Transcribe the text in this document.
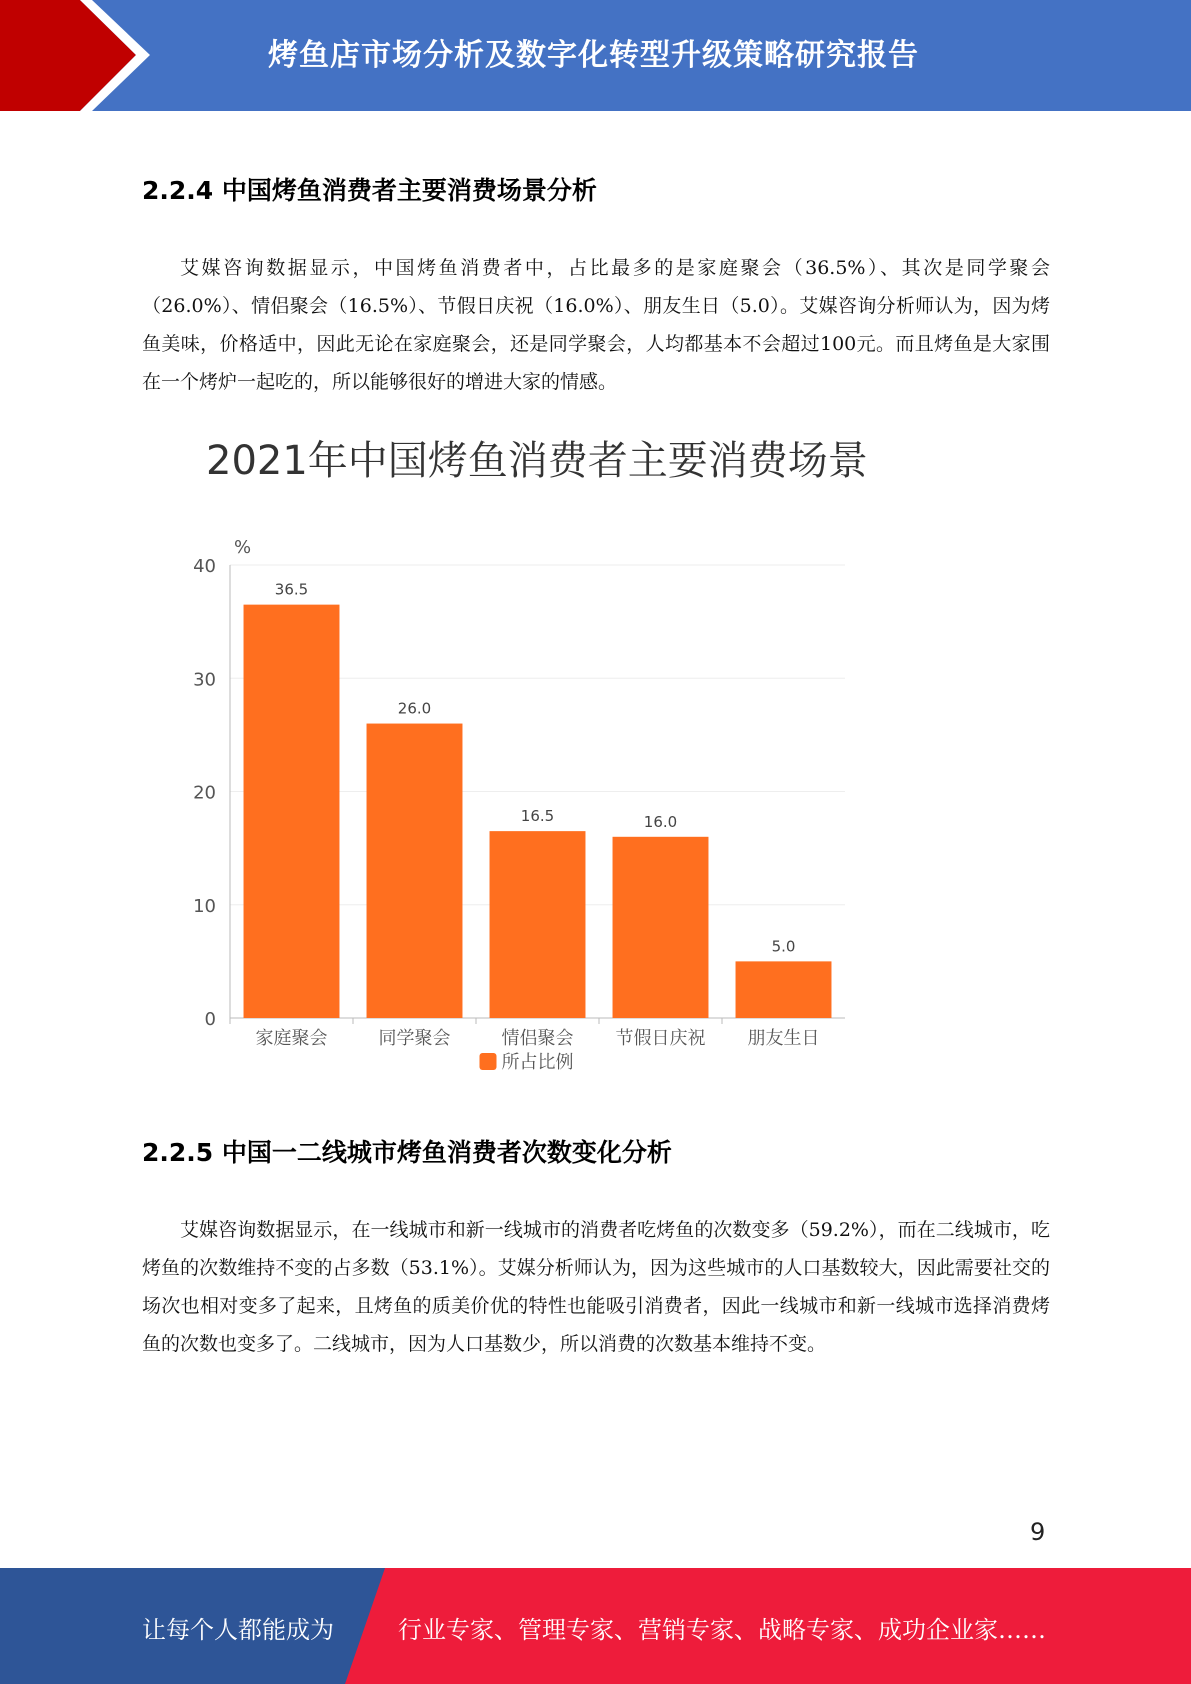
烤鱼店市场分析及数字化转型升级策略研究报告
2.2.4 中国烤鱼消费者主要消费场景分析
艾媒咨询数据显示，中国烤鱼消费者中，占比最多的是家庭聚会（36.5%）、其次是同学聚会（26.0%）、情侣聚会（16.5%）、节假日庆祝（16.0%）、朋友生日（5.0）。艾媒咨询分析师认为，因为烤鱼美味，价格适中，因此无论在家庭聚会，还是同学聚会，人均都基本不会超过100元。而且烤鱼是大家围在一个烤炉一起吃的，所以能够很好的增进大家的情感。
2021年中国烤鱼消费者主要消费场景
%
0
10
20
30
40
36.5
家庭聚会
26.0
同学聚会
16.5
情侣聚会
16.0
节假日庆祝
5.0
朋友生日
所占比例
2.2.5 中国一二线城市烤鱼消费者次数变化分析
艾媒咨询数据显示，在一线城市和新一线城市的消费者吃烤鱼的次数变多（59.2%），而在二线城市，吃烤鱼的次数维持不变的占多数（53.1%）。艾媒分析师认为，因为这些城市的人口基数较大，因此需要社交的场次也相对变多了起来，且烤鱼的质美价优的特性也能吸引消费者，因此一线城市和新一线城市选择消费烤鱼的次数也变多了。二线城市，因为人口基数少，所以消费的次数基本维持不变。
9
让每个人都能成为	行业专家、管理专家、营销专家、战略专家、成功企业家……
